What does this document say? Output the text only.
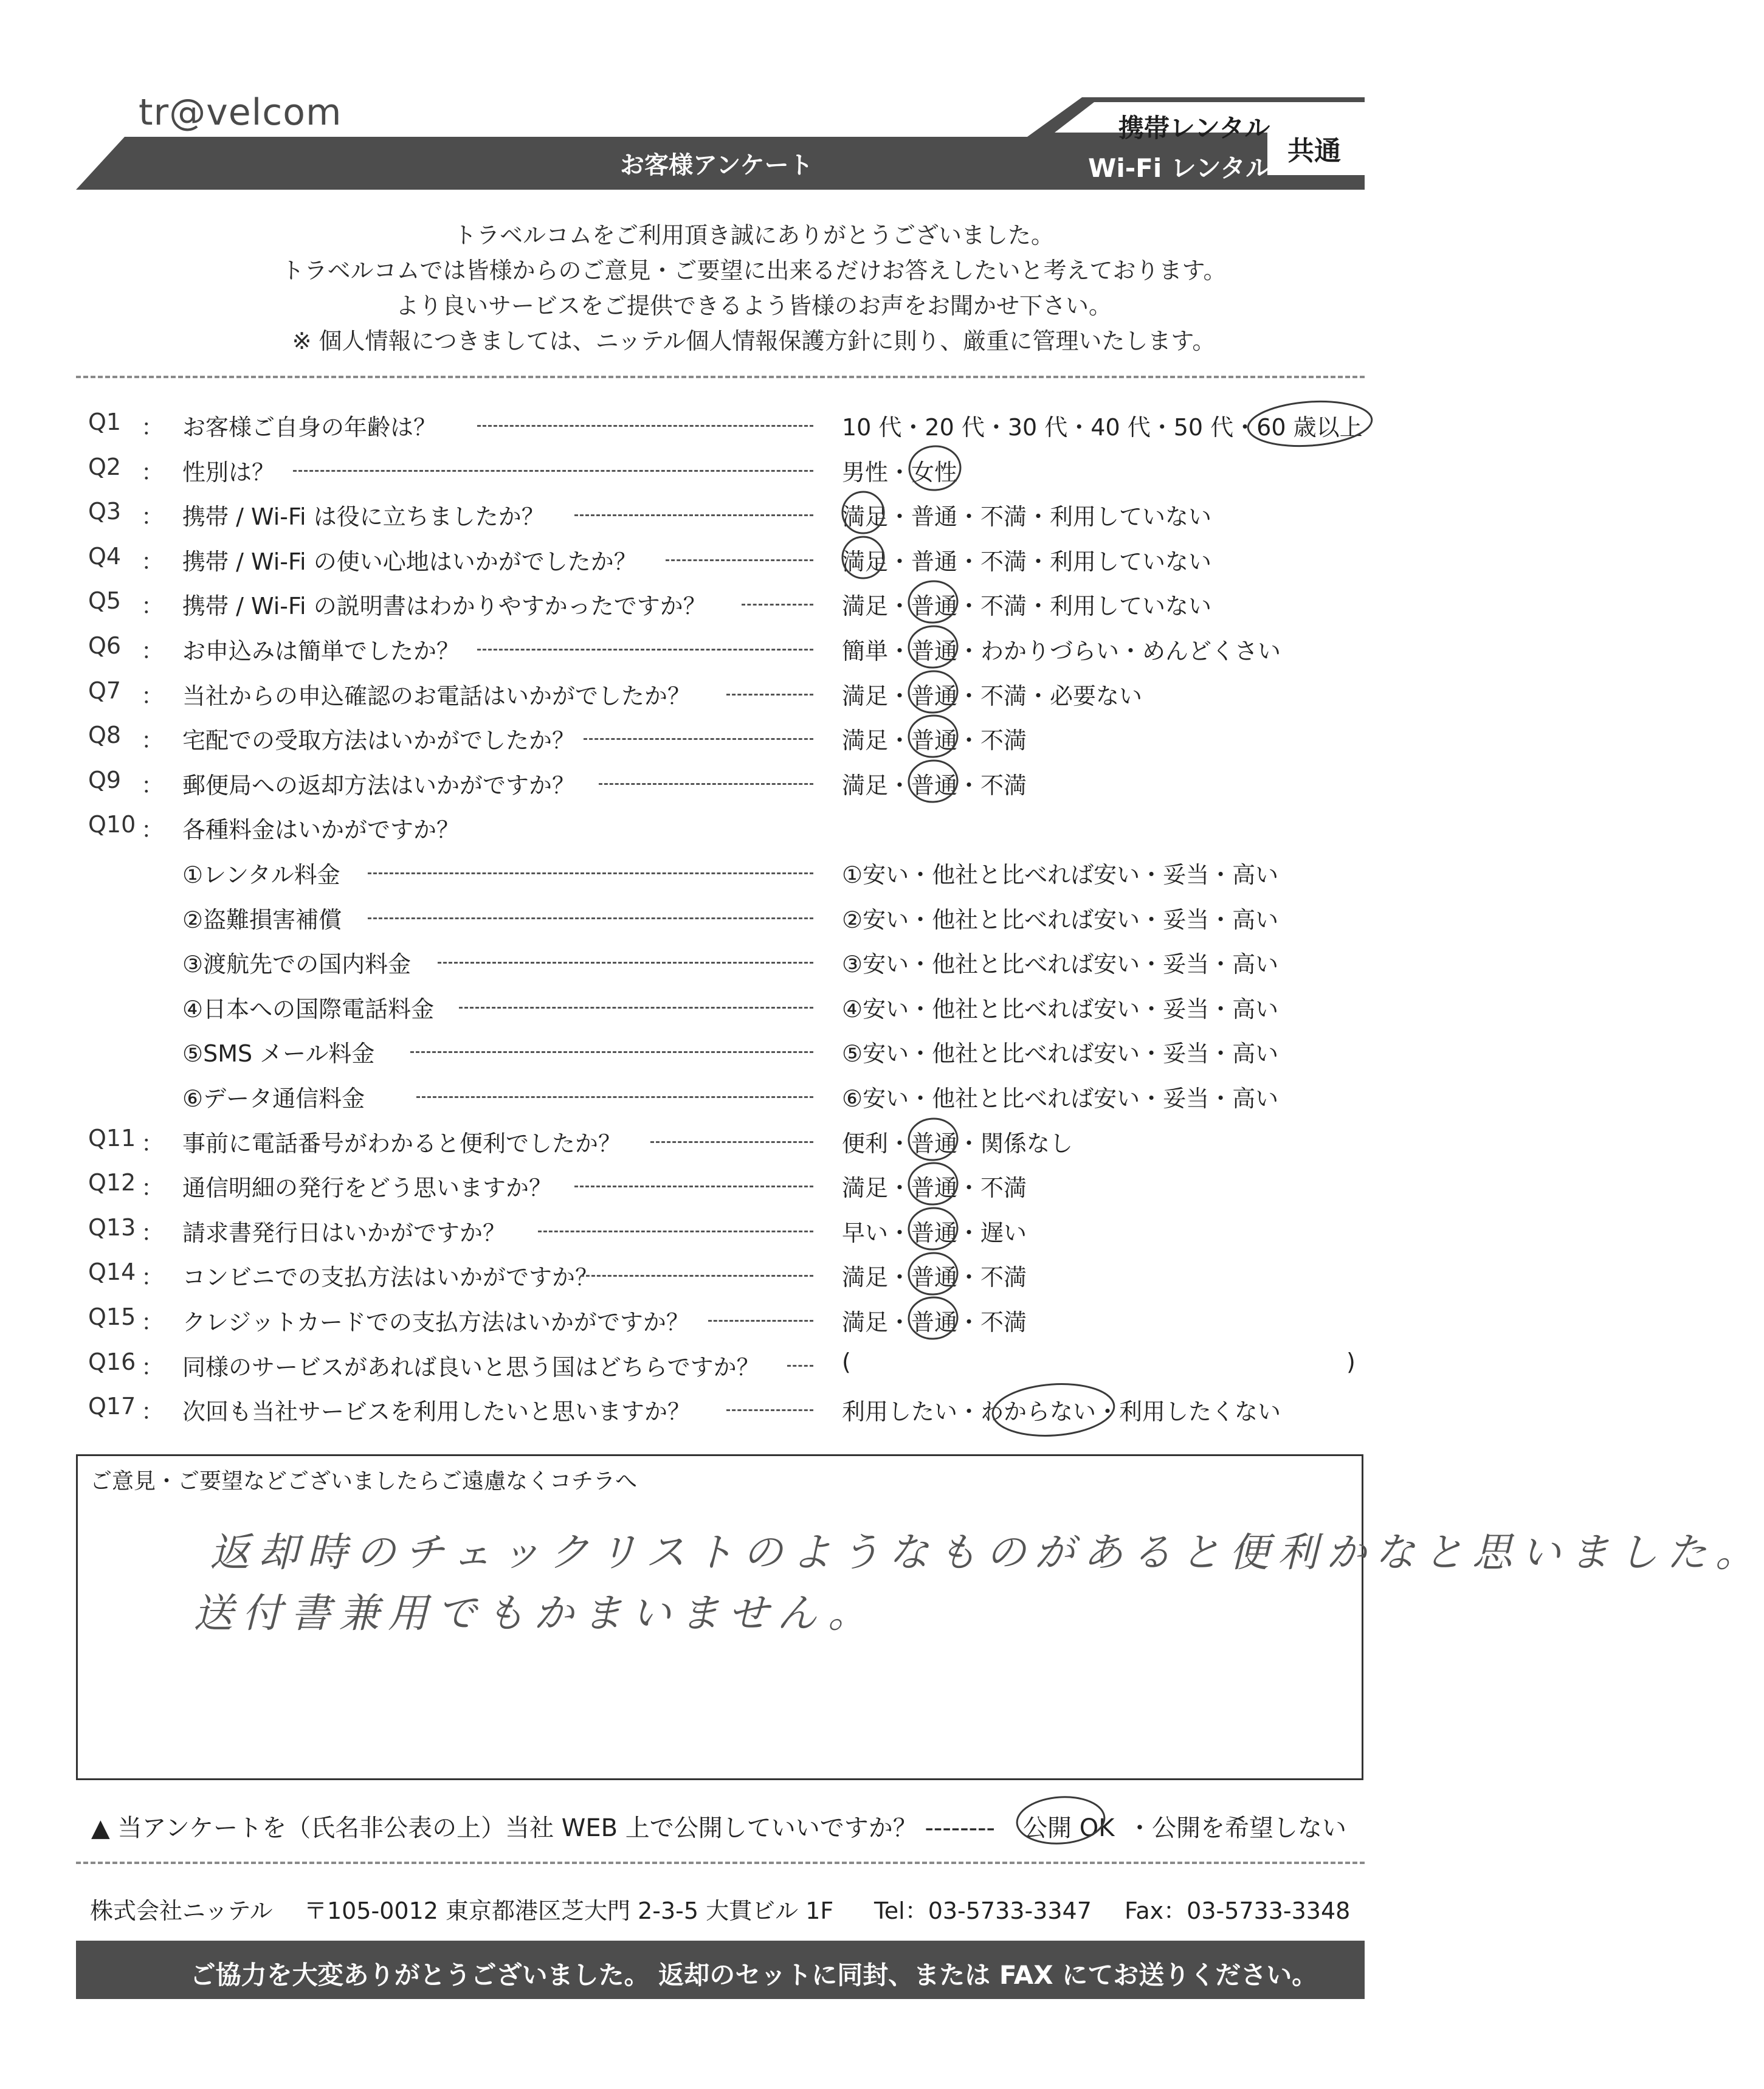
tr@velcom
お客様アンケート
携帯レンタル
Wi-Fi レンタル
共通
トラベルコムをご利用頂き誠にありがとうございました。
トラベルコムでは皆様からのご意見・ご要望に出来るだけお答えしたいと考えております。
より良いサービスをご提供できるよう皆様のお声をお聞かせ下さい。
※ 個人情報につきましては、ニッテル個人情報保護方針に則り、厳重に管理いたします。
Q1 ： お客様ご自身の年齢は？	10 代・20 代・30 代・40 代・50 代・60 歳以上
Q2 ： 性別は？	男性・女性
Q3 ： 携帯 / Wi-Fi は役に立ちましたか？	満足・普通・不満・利用していない
Q4 ： 携帯 / Wi-Fi の使い心地はいかがでしたか？	満足・普通・不満・利用していない
Q5 ： 携帯 / Wi-Fi の説明書はわかりやすかったですか？	満足・普通・不満・利用していない
Q6 ： お申込みは簡単でしたか？	簡単・普通・わかりづらい・めんどくさい
Q7 ： 当社からの申込確認のお電話はいかがでしたか？	満足・普通・不満・必要ない
Q8 ： 宅配での受取方法はいかがでしたか？	満足・普通・不満
Q9 ： 郵便局への返却方法はいかがですか？	満足・普通・不満
Q10 ： 各種料金はいかがですか？
①レンタル料金	①安い・他社と比べれば安い・妥当・高い
②盗難損害補償	②安い・他社と比べれば安い・妥当・高い
③渡航先での国内料金	③安い・他社と比べれば安い・妥当・高い
④日本への国際電話料金	④安い・他社と比べれば安い・妥当・高い
⑤SMS メール料金	⑤安い・他社と比べれば安い・妥当・高い
⑥データ通信料金	⑥安い・他社と比べれば安い・妥当・高い
Q11 ： 事前に電話番号がわかると便利でしたか？	便利・普通・関係なし
Q12 ： 通信明細の発行をどう思いますか？	満足・普通・不満
Q13 ： 請求書発行日はいかがですか？	早い・普通・遅い
Q14 ： コンビニでの支払方法はいかがですか？	満足・普通・不満
Q15 ： クレジットカードでの支払方法はいかがですか？	満足・普通・不満
Q16 ： 同様のサービスがあれば良いと思う国はどちらですか？	(	)
Q17 ： 次回も当社サービスを利用したいと思いますか？	利用したい・わからない・利用したくない
ご意見・ご要望などございましたらご遠慮なくコチラへ
返却時のチェックリストのようなものがあると便利かなと思いました。
送付書兼用でもかまいません。
▲ 当アンケートを（氏名非公表の上）当社 WEB 上で公開していいですか？ -------- 公開 OK ・公開を希望しない
株式会社ニッテル 〒105-0012 東京都港区芝大門 2-3-5 大貫ビル 1F Tel：03-5733-3347 Fax：03-5733-3348
ご協力を大変ありがとうございました。 返却のセットに同封、または FAX にてお送りください。
